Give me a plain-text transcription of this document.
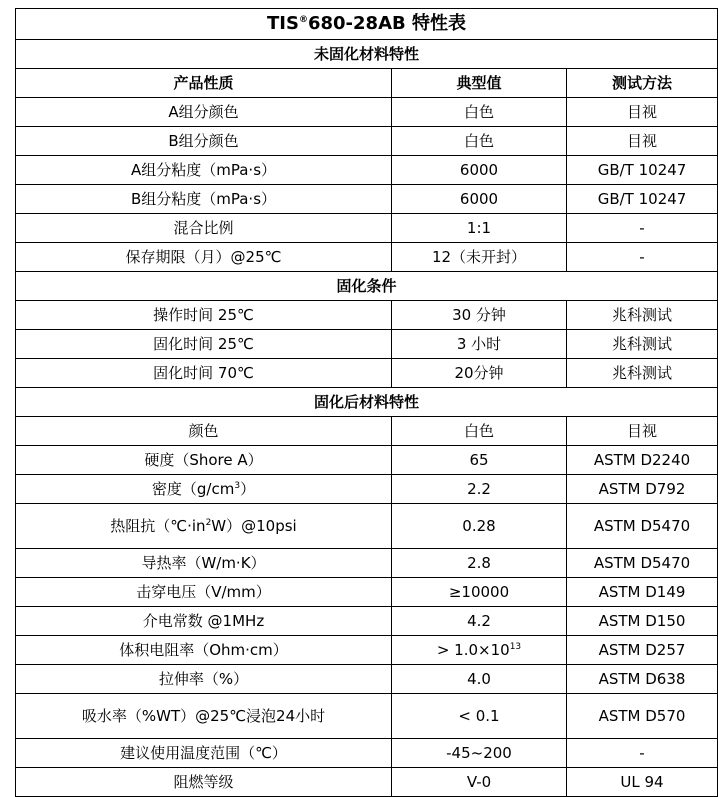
TIS®680-28AB 特性表		
未固化材料特性		
产品性质	典型值	测试方法
A组分颜色	白色	目视
B组分颜色	白色	目视
A组分粘度（mPa·s）	6000	GB/T 10247
B组分粘度（mPa·s）	6000	GB/T 10247
混合比例	1:1	-
保存期限（月）@25℃	12（未开封）	-
固化条件		
操作时间 25℃	30 分钟	兆科测试
固化时间 25℃	3 小时	兆科测试
固化时间 70℃	20分钟	兆科测试
固化后材料特性		
颜色	白色	目视
硬度（Shore A）	65	ASTM D2240
密度$(g/cm^3)$	2.2	ASTM D792
热阻抗$(℃\cdot in^2W)@10psi$	0.28	ASTM D5470
导热率（W/m·K）	2.8	ASTM D5470
击穿电压（V/mm）	≥10000	ASTM D149
介电常数 @1MHz	4.2	ASTM D150
体积电阻率（Ohm·cm）	> $1.0\times 10^{13}$	ASTM D257
拉伸率（%）	4.0	ASTM D638
吸水率（%WT）@25℃浸泡24小时	< 0.1	ASTM D570
建议使用温度范围（℃）	-45~200	-
阻燃等级	V-0	UL 94
